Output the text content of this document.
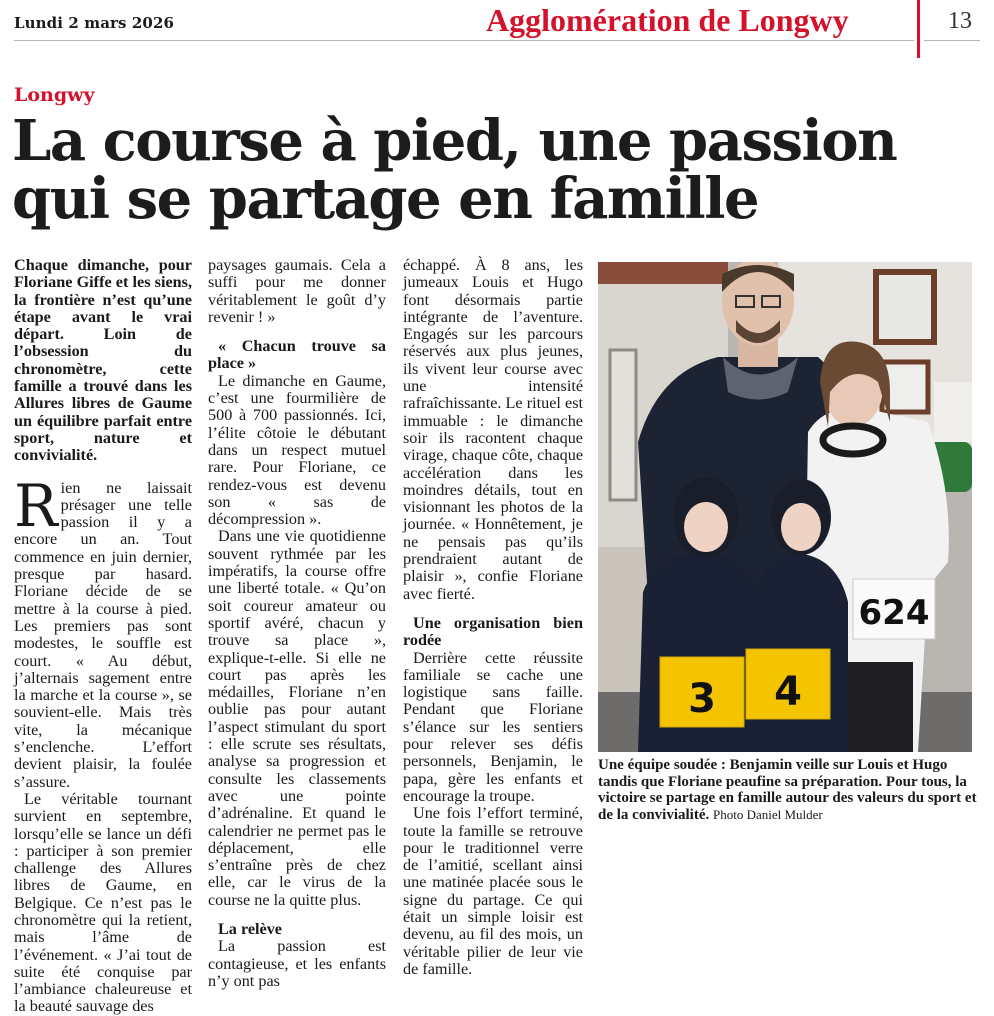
Lundi 2 mars 2026	Agglomération de Longwy	13
Longwy
La course à pied, une passion
qui se partage en famille

Chaque dimanche, pour Floriane Giffe et les siens, la frontière n’est qu’une étape avant le vrai départ. Loin de l’obsession du chronomètre, cette famille a trouvé dans les Allures libres de Gaume un équilibre parfait entre sport, nature et convivialité.

Rien ne laissait présager une telle passion il y a encore un an. Tout commence en juin dernier, presque par hasard. Floriane décide de se mettre à la course à pied. Les premiers pas sont modestes, le souffle est court. « Au début, j’alternais sagement entre la marche et la course », se souvient-elle. Mais très vite, la mécanique s’enclenche. L’effort devient plaisir, la foulée s’assure.

Le véritable tournant survient en septembre, lorsqu’elle se lance un défi : participer à son premier challenge des Allures libres de Gaume, en Belgique. Ce n’est pas le chronomètre qui la retient, mais l’âme de l’événement. « J’ai tout de suite été conquise par l’ambiance chaleureuse et la beauté sauvage des

paysages gaumais. Cela a suffi pour me donner véritablement le goût d’y revenir ! »

« Chacun trouve sa place »

Le dimanche en Gaume, c’est une fourmilière de 500 à 700 passionnés. Ici, l’élite côtoie le débutant dans un respect mutuel rare. Pour Floriane, ce rendez-vous est devenu son « sas de décompression ».

Dans une vie quotidienne souvent rythmée par les impératifs, la course offre une liberté totale. « Qu’on soit coureur amateur ou sportif avéré, chacun y trouve sa place », explique-t-elle. Si elle ne court pas après les médailles, Floriane n’en oublie pas pour autant l’aspect stimulant du sport : elle scrute ses résultats, analyse sa progression et consulte les classements avec une pointe d’adrénaline. Et quand le calendrier ne permet pas le déplacement, elle s’entraîne près de chez elle, car le virus de la course ne la quitte plus.

La relève

La passion est contagieuse, et les enfants n’y ont pas

échappé. À 8 ans, les jumeaux Louis et Hugo font désormais partie intégrante de l’aventure. Engagés sur les parcours réservés aux plus jeunes, ils vivent leur course avec une intensité rafraîchissante. Le rituel est immuable : le dimanche soir ils racontent chaque virage, chaque côte, chaque accélération dans les moindres détails, tout en visionnant les photos de la journée. « Honnêtement, je ne pensais pas qu’ils prendraient autant de plaisir », confie Floriane avec fierté.

Une organisation bien rodée

Derrière cette réussite familiale se cache une logistique sans faille. Pendant que Floriane s’élance sur les sentiers pour relever ses défis personnels, Benjamin, le papa, gère les enfants et encourage la troupe.

Une fois l’effort terminé, toute la famille se retrouve pour le traditionnel verre de l’amitié, scellant ainsi une matinée placée sous le signe du partage. Ce qui était un simple loisir est devenu, au fil des mois, un véritable pilier de leur vie de famille.

624
3 4
Une équipe soudée : Benjamin veille sur Louis et Hugo tandis que Floriane peaufine sa préparation. Pour tous, la victoire se partage en famille autour des valeurs du sport et de la convivialité. Photo Daniel Mulder
